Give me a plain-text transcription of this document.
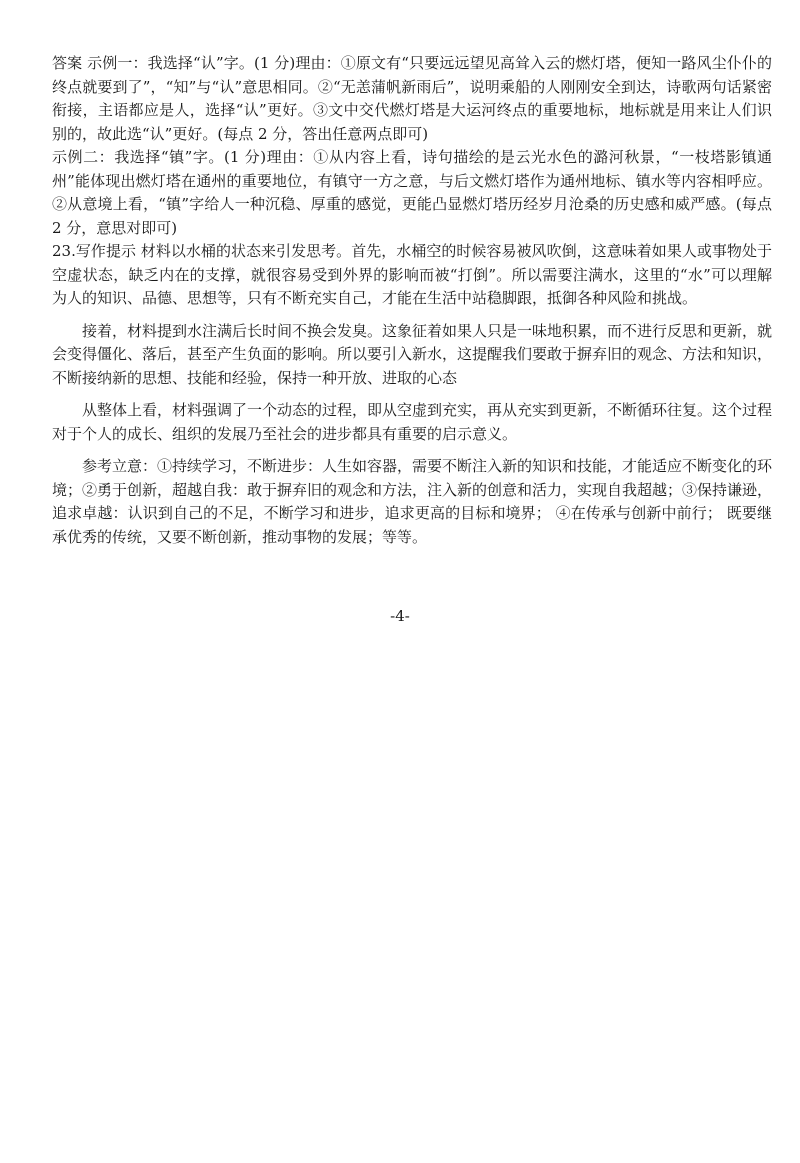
答案 示例一：我选择“认”字。(1 分)理由：①原文有“只要远远望见高耸入云的燃灯塔，便知一路风尘仆仆的终点就要到了”，“知”与“认”意思相同。②“无恙蒲帆新雨后”，说明乘船的人刚刚安全到达，诗歌两句话紧密衔接，主语都应是人，选择“认”更好。③文中交代燃灯塔是大运河终点的重要地标，地标就是用来让人们识别的，故此选“认”更好。(每点 2 分，答出任意两点即可)

示例二：我选择“镇”字。(1 分)理由：①从内容上看，诗句描绘的是云光水色的潞河秋景，“一枝塔影镇通州”能体现出燃灯塔在通州的重要地位，有镇守一方之意，与后文燃灯塔作为通州地标、镇水等内容相呼应。②从意境上看，“镇”字给人一种沉稳、厚重的感觉，更能凸显燃灯塔历经岁月沧桑的历史感和威严感。(每点 2 分，意思对即可)

23.写作提示 材料以水桶的状态来引发思考。首先，水桶空的时候容易被风吹倒，这意味着如果人或事物处于空虚状态，缺乏内在的支撑，就很容易受到外界的影响而被“打倒”。所以需要注满水，这里的“水”可以理解为人的知识、品德、思想等，只有不断充实自己，才能在生活中站稳脚跟，抵御各种风险和挑战。

接着，材料提到水注满后长时间不换会发臭。这象征着如果人只是一味地积累，而不进行反思和更新，就会变得僵化、落后，甚至产生负面的影响。所以要引入新水，这提醒我们要敢于摒弃旧的观念、方法和知识，不断接纳新的思想、技能和经验，保持一种开放、进取的心态

从整体上看，材料强调了一个动态的过程，即从空虚到充实，再从充实到更新，不断循环往复。这个过程对于个人的成长、组织的发展乃至社会的进步都具有重要的启示意义。

参考立意：①持续学习，不断进步：人生如容器，需要不断注入新的知识和技能，才能适应不断变化的环境；②勇于创新，超越自我：敢于摒弃旧的观念和方法，注入新的创意和活力，实现自我超越；③保持谦逊，追求卓越：认识到自己的不足，不断学习和进步，追求更高的目标和境界； ④在传承与创新中前行； 既要继承优秀的传统，又要不断创新，推动事物的发展；等等。

-4-
